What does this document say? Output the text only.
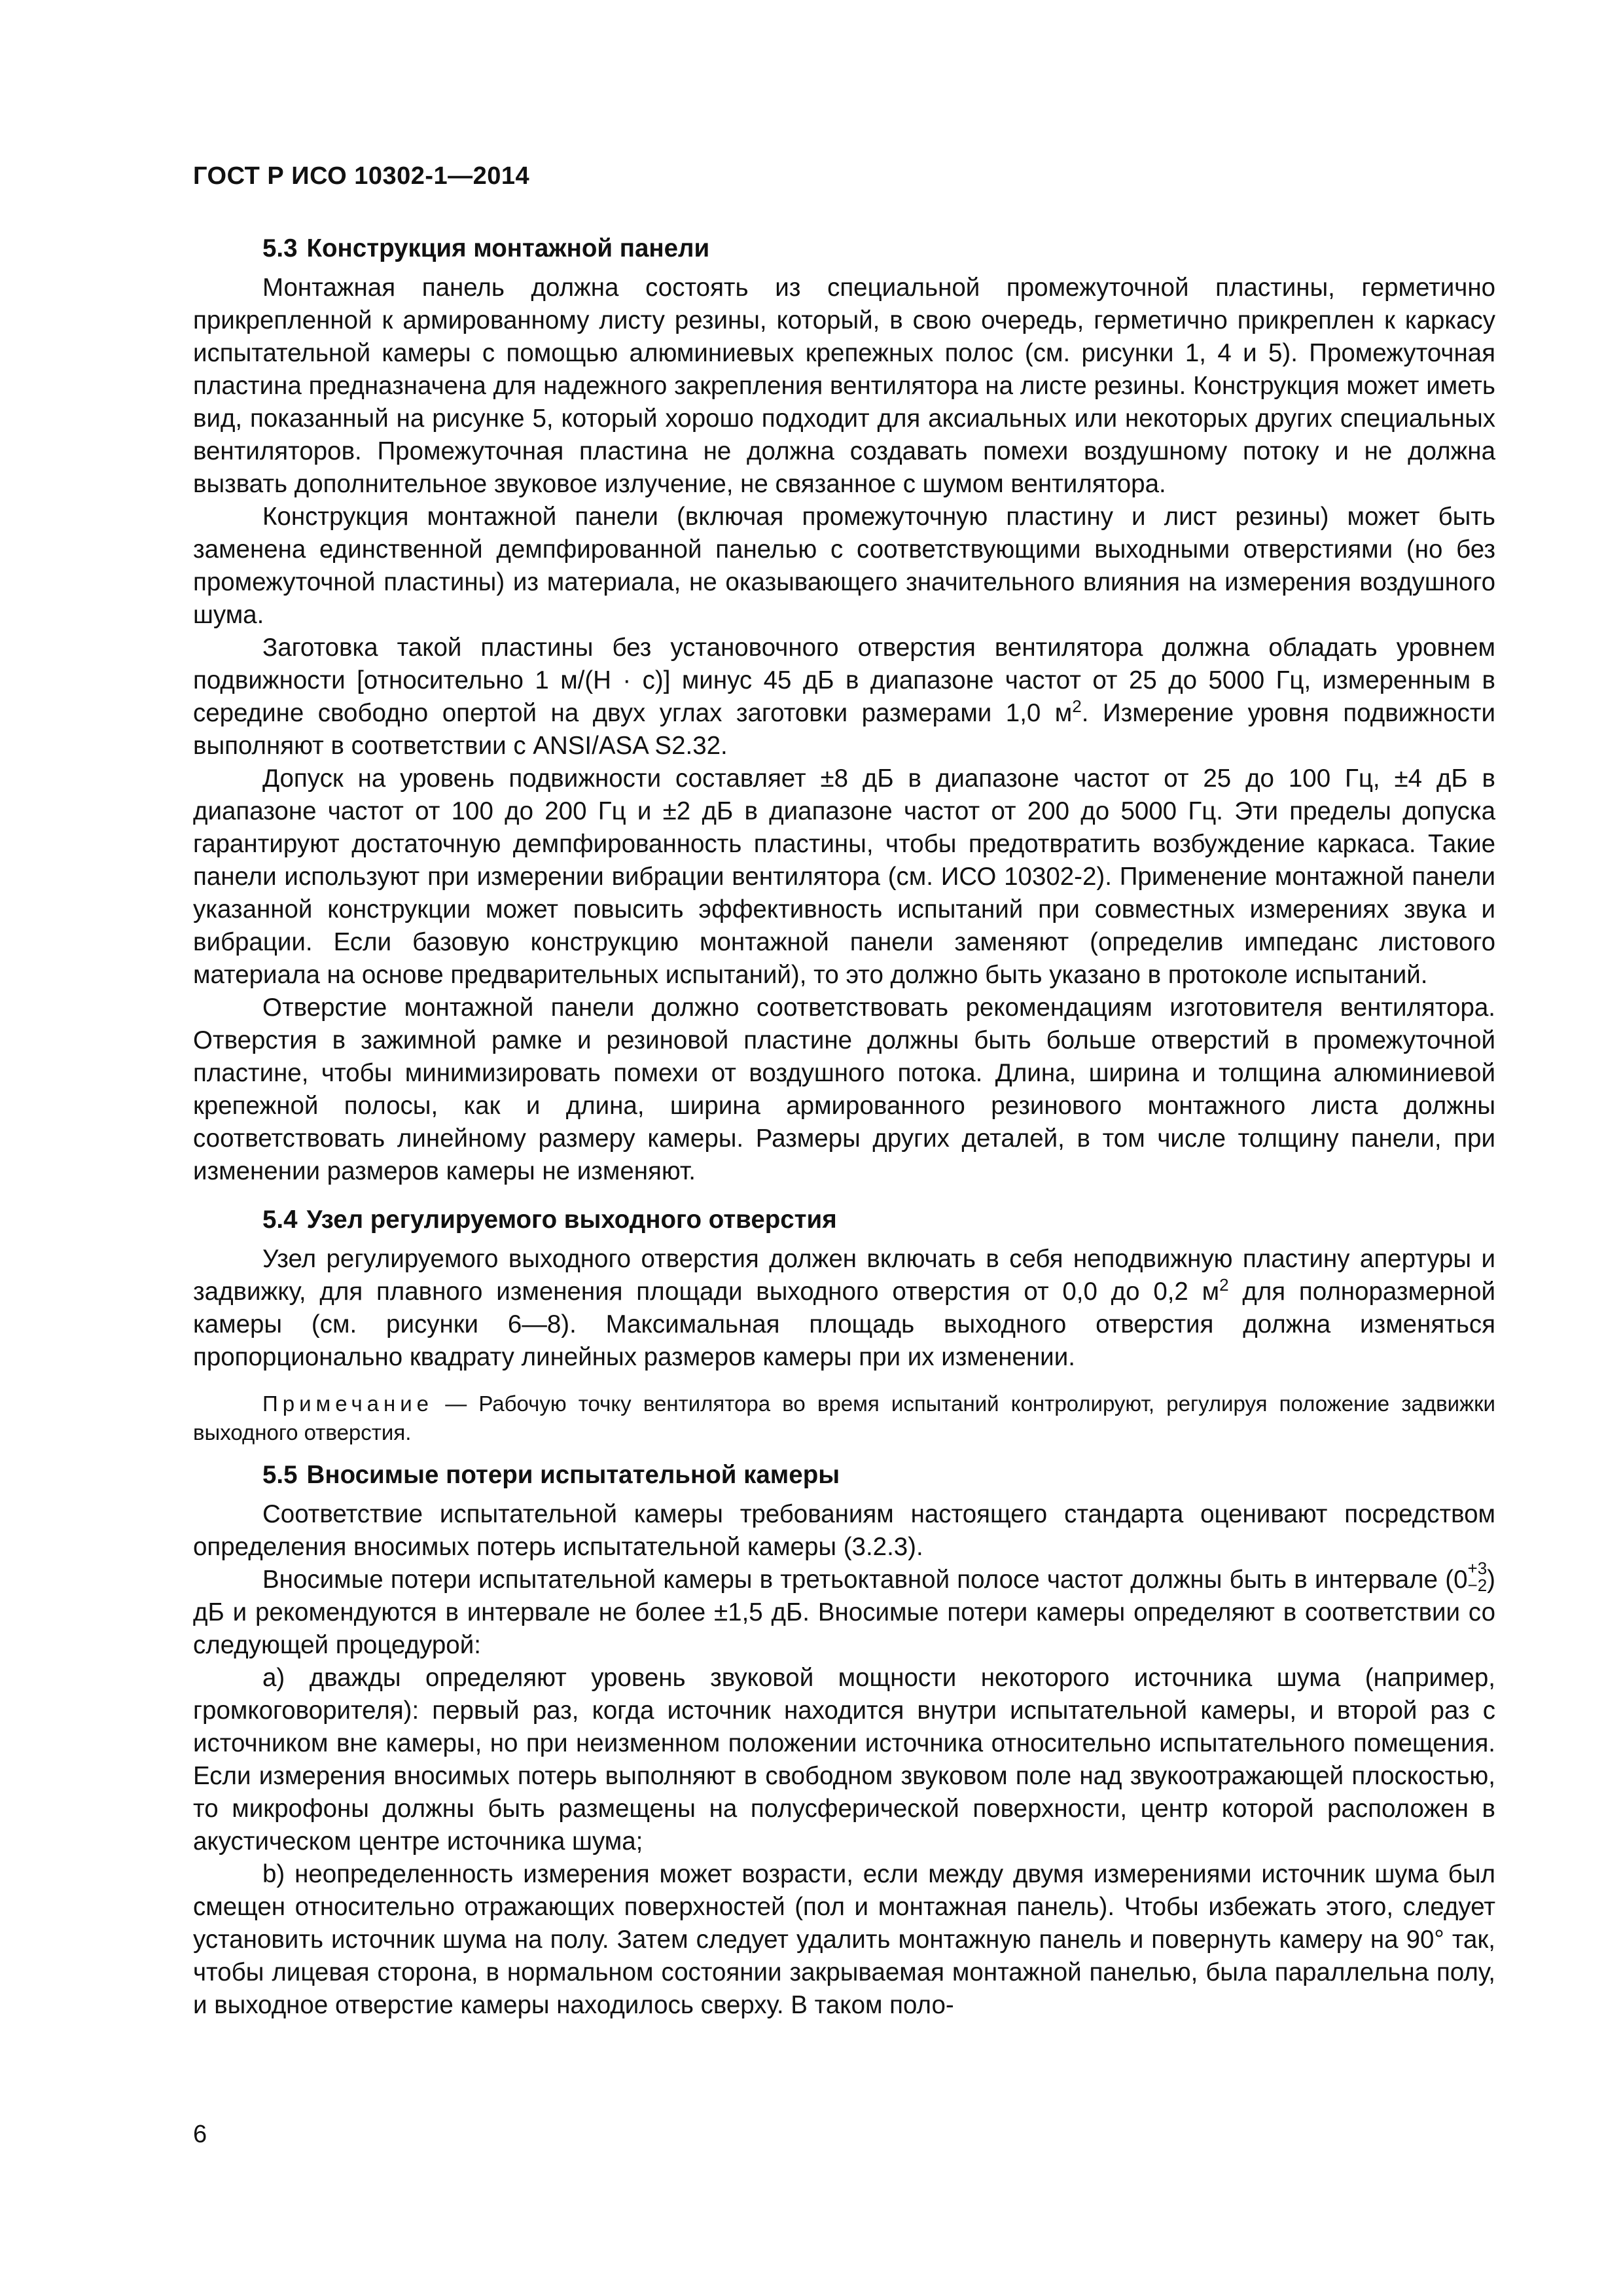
ГОСТ Р ИСО 10302-1—2014
5.3 Конструкция монтажной панели

Монтажная панель должна состоять из специальной промежуточной пластины, герметично прикрепленной к армированному листу резины, который, в свою очередь, герметично прикреплен к каркасу испытательной камеры с помощью алюминиевых крепежных полос (см. рисунки 1, 4 и 5). Промежуточная пластина предназначена для надежного закрепления вентилятора на листе резины. Конструкция может иметь вид, показанный на рисунке 5, который хорошо подходит для аксиальных или некоторых других специальных вентиляторов. Промежуточная пластина не должна создавать помехи воздушному потоку и не должна вызвать дополнительное звуковое излучение, не связанное с шумом вентилятора.

Конструкция монтажной панели (включая промежуточную пластину и лист резины) может быть заменена единственной демпфированной панелью с соответствующими выходными отверстиями (но без промежуточной пластины) из материала, не оказывающего значительного влияния на измерения воздушного шума.

Заготовка такой пластины без установочного отверстия вентилятора должна обладать уровнем подвижности [относительно 1 м/(Н · с)] минус 45 дБ в диапазоне частот от 25 до 5000 Гц, измеренным в середине свободно опертой на двух углах заготовки размерами 1,0 $м^2$. Измерение уровня подвижности выполняют в соответствии с ANSI/ASA S2.32.

Допуск на уровень подвижности составляет ±8 дБ в диапазоне частот от 25 до 100 Гц, ±4 дБ в диапазоне частот от 100 до 200 Гц и ±2 дБ в диапазоне частот от 200 до 5000 Гц. Эти пределы допуска гарантируют достаточную демпфированность пластины, чтобы предотвратить возбуждение каркаса. Такие панели используют при измерении вибрации вентилятора (см. ИСО 10302-2). Применение монтажной панели указанной конструкции может повысить эффективность испытаний при совместных измерениях звука и вибрации. Если базовую конструкцию монтажной панели заменяют (определив импеданс листового материала на основе предварительных испытаний), то это должно быть указано в протоколе испытаний.

Отверстие монтажной панели должно соответствовать рекомендациям изготовителя вентилятора. Отверстия в зажимной рамке и резиновой пластине должны быть больше отверстий в промежуточной пластине, чтобы минимизировать помехи от воздушного потока. Длина, ширина и толщина алюминиевой крепежной полосы, как и длина, ширина армированного резинового монтажного листа должны соответствовать линейному размеру камеры. Размеры других деталей, в том числе толщину панели, при изменении размеров камеры не изменяют.

5.4 Узел регулируемого выходного отверстия

Узел регулируемого выходного отверстия должен включать в себя неподвижную пластину апертуры и задвижку, для плавного изменения площади выходного отверстия от 0,0 до 0,2 $м^2$ для полноразмерной камеры (см. рисунки 6—8). Максимальная площадь выходного отверстия должна изменяться пропорционально квадрату линейных размеров камеры при их изменении.

Примечание — Рабочую точку вентилятора во время испытаний контролируют, регулируя положение задвижки выходного отверстия.
5.5 Вносимые потери испытательной камеры

Соответствие испытательной камеры требованиям настоящего стандарта оценивают посредством определения вносимых потерь испытательной камеры (3.2.3).

Вносимые потери испытательной камеры в третьоктавной полосе частот должны быть в интервале (0 +3
−2 ) дБ и рекомендуются в интервале не более ±1,5 дБ. Вносимые потери камеры определяют в соответствии со следующей процедурой:

а) дважды определяют уровень звуковой мощности некоторого источника шума (например, громкоговорителя): первый раз, когда источник находится внутри испытательной камеры, и второй раз с источником вне камеры, но при неизменном положении источника относительно испытательного помещения. Если измерения вносимых потерь выполняют в свободном звуковом поле над звукоотражающей плоскостью, то микрофоны должны быть размещены на полусферической поверхности, центр которой расположен в акустическом центре источника шума;

b) неопределенность измерения может возрасти, если между двумя измерениями источник шума был смещен относительно отражающих поверхностей (пол и монтажная панель). Чтобы избежать этого, следует установить источник шума на полу. Затем следует удалить монтажную панель и повернуть камеру на 90° так, чтобы лицевая сторона, в нормальном состоянии закрываемая монтажной панелью, была параллельна полу, и выходное отверстие камеры находилось сверху. В таком поло-

6
